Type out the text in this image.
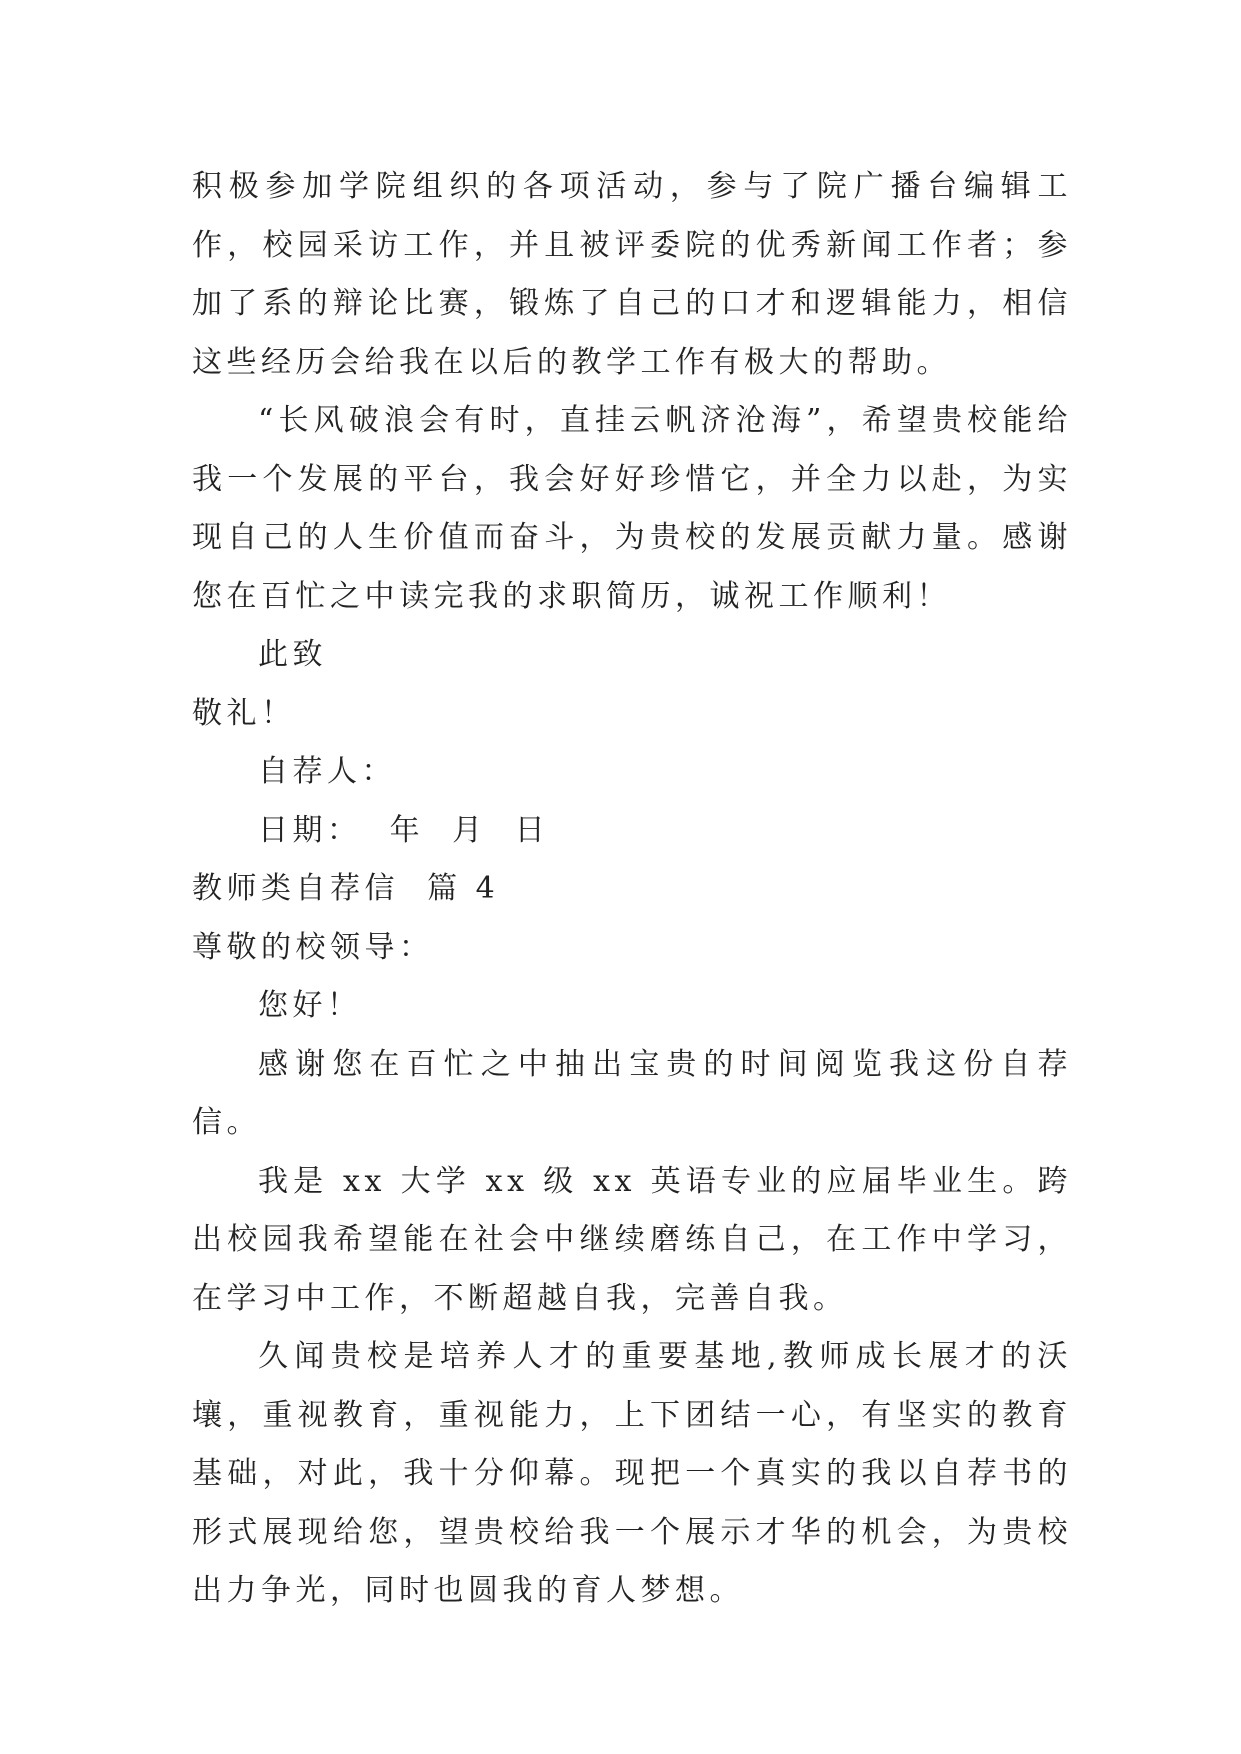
积极参加学院组织的各项活动，参与了院广播台编辑工作，校园采访工作，并且被评委院的优秀新闻工作者；参加了系的辩论比赛，锻炼了自己的口才和逻辑能力，相信这些经历会给我在以后的教学工作有极大的帮助。

“长风破浪会有时，直挂云帆济沧海”，希望贵校能给我一个发展的平台，我会好好珍惜它，并全力以赴，为实现自己的人生价值而奋斗，为贵校的发展贡献力量。感谢您在百忙之中读完我的求职简历，诚祝工作顺利！

此致

敬礼！

自荐人：

日期：  年  月  日

教师类自荐信  篇 4

尊敬的校领导：

您好！

感谢您在百忙之中抽出宝贵的时间阅览我这份自荐信。

我是 xx 大学 xx 级 xx 英语专业的应届毕业生。跨出校园我希望能在社会中继续磨练自己，在工作中学习，在学习中工作，不断超越自我，完善自我。

久闻贵校是培养人才的重要基地,教师成长展才的沃壤，重视教育，重视能力，上下团结一心，有坚实的教育基础，对此，我十分仰幕。现把一个真实的我以自荐书的形式展现给您，望贵校给我一个展示才华的机会，为贵校出力争光，同时也圆我的育人梦想。
